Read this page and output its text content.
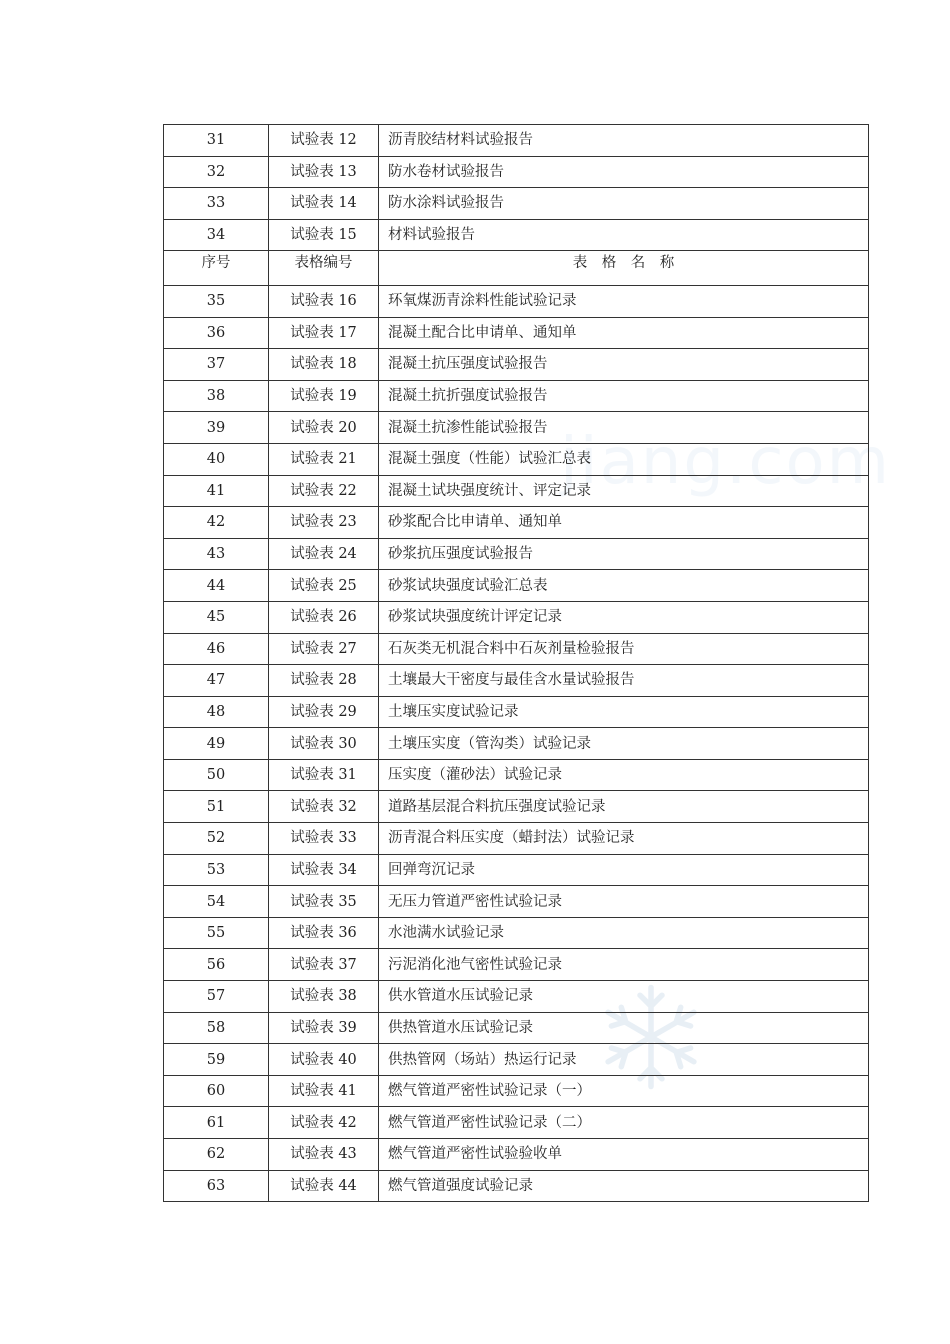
jiang.com
31	试验表 12	沥青胶结材料试验报告
32	试验表 13	防水卷材试验报告
33	试验表 14	防水涂料试验报告
34	试验表 15	材料试验报告
序号	表格编号	表　格　名　称
35	试验表 16	环氧煤沥青涂料性能试验记录
36	试验表 17	混凝土配合比申请单、通知单
37	试验表 18	混凝土抗压强度试验报告
38	试验表 19	混凝土抗折强度试验报告
39	试验表 20	混凝土抗渗性能试验报告
40	试验表 21	混凝土强度（性能）试验汇总表
41	试验表 22	混凝土试块强度统计、评定记录
42	试验表 23	砂浆配合比申请单、通知单
43	试验表 24	砂浆抗压强度试验报告
44	试验表 25	砂浆试块强度试验汇总表
45	试验表 26	砂浆试块强度统计评定记录
46	试验表 27	石灰类无机混合料中石灰剂量检验报告
47	试验表 28	土壤最大干密度与最佳含水量试验报告
48	试验表 29	土壤压实度试验记录
49	试验表 30	土壤压实度（管沟类）试验记录
50	试验表 31	压实度（灌砂法）试验记录
51	试验表 32	道路基层混合料抗压强度试验记录
52	试验表 33	沥青混合料压实度（蜡封法）试验记录
53	试验表 34	回弹弯沉记录
54	试验表 35	无压力管道严密性试验记录
55	试验表 36	水池满水试验记录
56	试验表 37	污泥消化池气密性试验记录
57	试验表 38	供水管道水压试验记录
58	试验表 39	供热管道水压试验记录
59	试验表 40	供热管网（场站）热运行记录
60	试验表 41	燃气管道严密性试验记录（一）
61	试验表 42	燃气管道严密性试验记录（二）
62	试验表 43	燃气管道严密性试验验收单
63	试验表 44	燃气管道强度试验记录
